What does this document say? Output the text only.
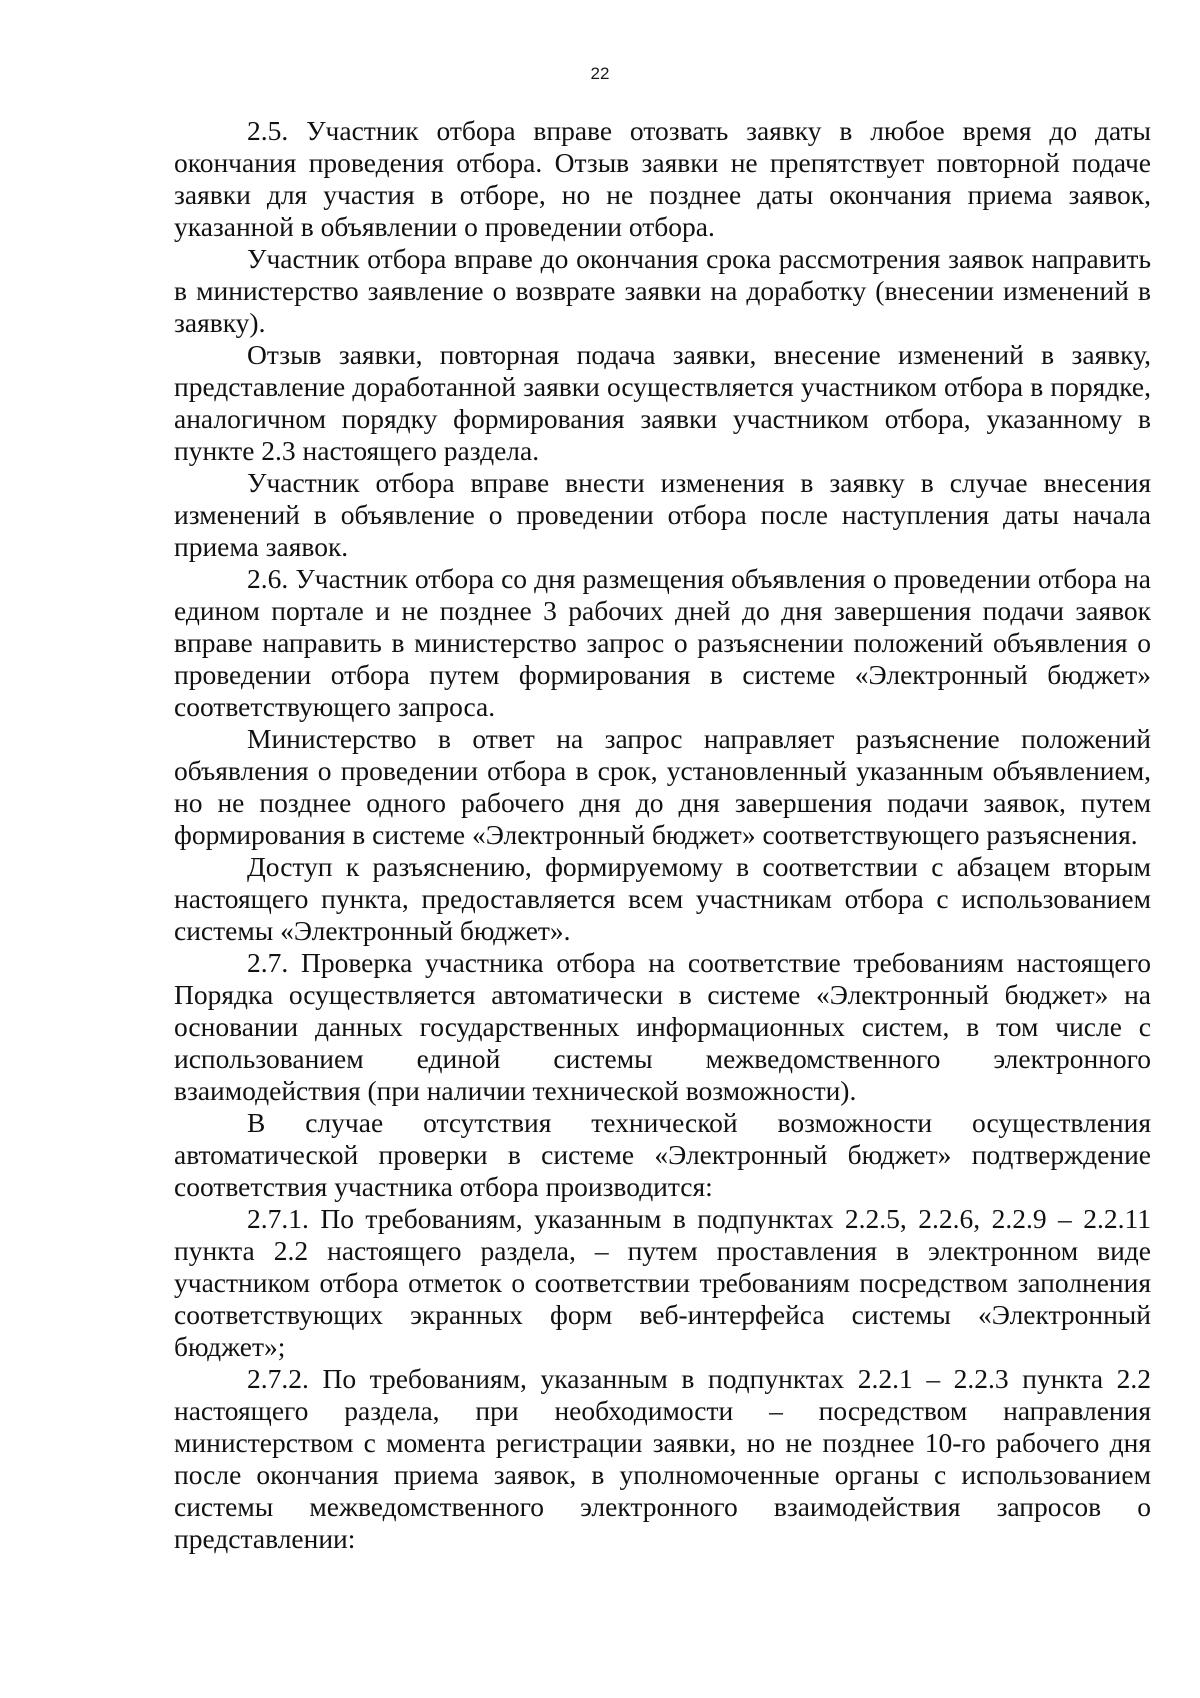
22

2.5. Участник отбора вправе отозвать заявку в любое время до даты окончания проведения отбора. Отзыв заявки не препятствует повторной подаче заявки для участия в отборе, но не позднее даты окончания приема заявок, указанной в объявлении о проведении отбора.

Участник отбора вправе до окончания срока рассмотрения заявок направить в министерство заявление о возврате заявки на доработку (внесении изменений в заявку).

Отзыв заявки, повторная подача заявки, внесение изменений в заявку, представление доработанной заявки осуществляется участником отбора в порядке, аналогичном порядку формирования заявки участником отбора, указанному в пункте 2.3 настоящего раздела.

Участник отбора вправе внести изменения в заявку в случае внесения изменений в объявление о проведении отбора после наступления даты начала приема заявок.

2.6. Участник отбора со дня размещения объявления о проведении отбора на едином портале и не позднее 3 рабочих дней до дня завершения подачи заявок вправе направить в министерство запрос о разъяснении положений объявления о проведении отбора путем формирования в системе «Электронный бюджет» соответствующего запроса.

Министерство в ответ на запрос направляет разъяснение положений объявления о проведении отбора в срок, установленный указанным объявлением, но не позднее одного рабочего дня до дня завершения подачи заявок, путем формирования в системе «Электронный бюджет» соответствующего разъяснения.

Доступ к разъяснению, формируемому в соответствии с абзацем вторым настоящего пункта, предоставляется всем участникам отбора с использованием системы «Электронный бюджет».

2.7. Проверка участника отбора на соответствие требованиям настоящего Порядка осуществляется автоматически в системе «Электронный бюджет» на основании данных государственных информационных систем, в том числе с использованием единой системы межведомственного электронного взаимодействия (при наличии технической возможности).

В случае отсутствия технической возможности осуществления автоматической проверки в системе «Электронный бюджет» подтверждение соответствия участника отбора производится:

2.7.1. По требованиям, указанным в подпунктах 2.2.5, 2.2.6, 2.2.9 – 2.2.11 пункта 2.2 настоящего раздела, – путем проставления в электронном виде участником отбора отметок о соответствии требованиям посредством заполнения соответствующих экранных форм веб-интерфейса системы «Электронный бюджет»;

2.7.2. По требованиям, указанным в подпунктах 2.2.1 – 2.2.3 пункта 2.2 настоящего раздела, при необходимости – посредством направления министерством с момента регистрации заявки, но не позднее 10-го рабочего дня после окончания приема заявок, в уполномоченные органы с использованием системы межведомственного электронного взаимодействия запросов о представлении:
